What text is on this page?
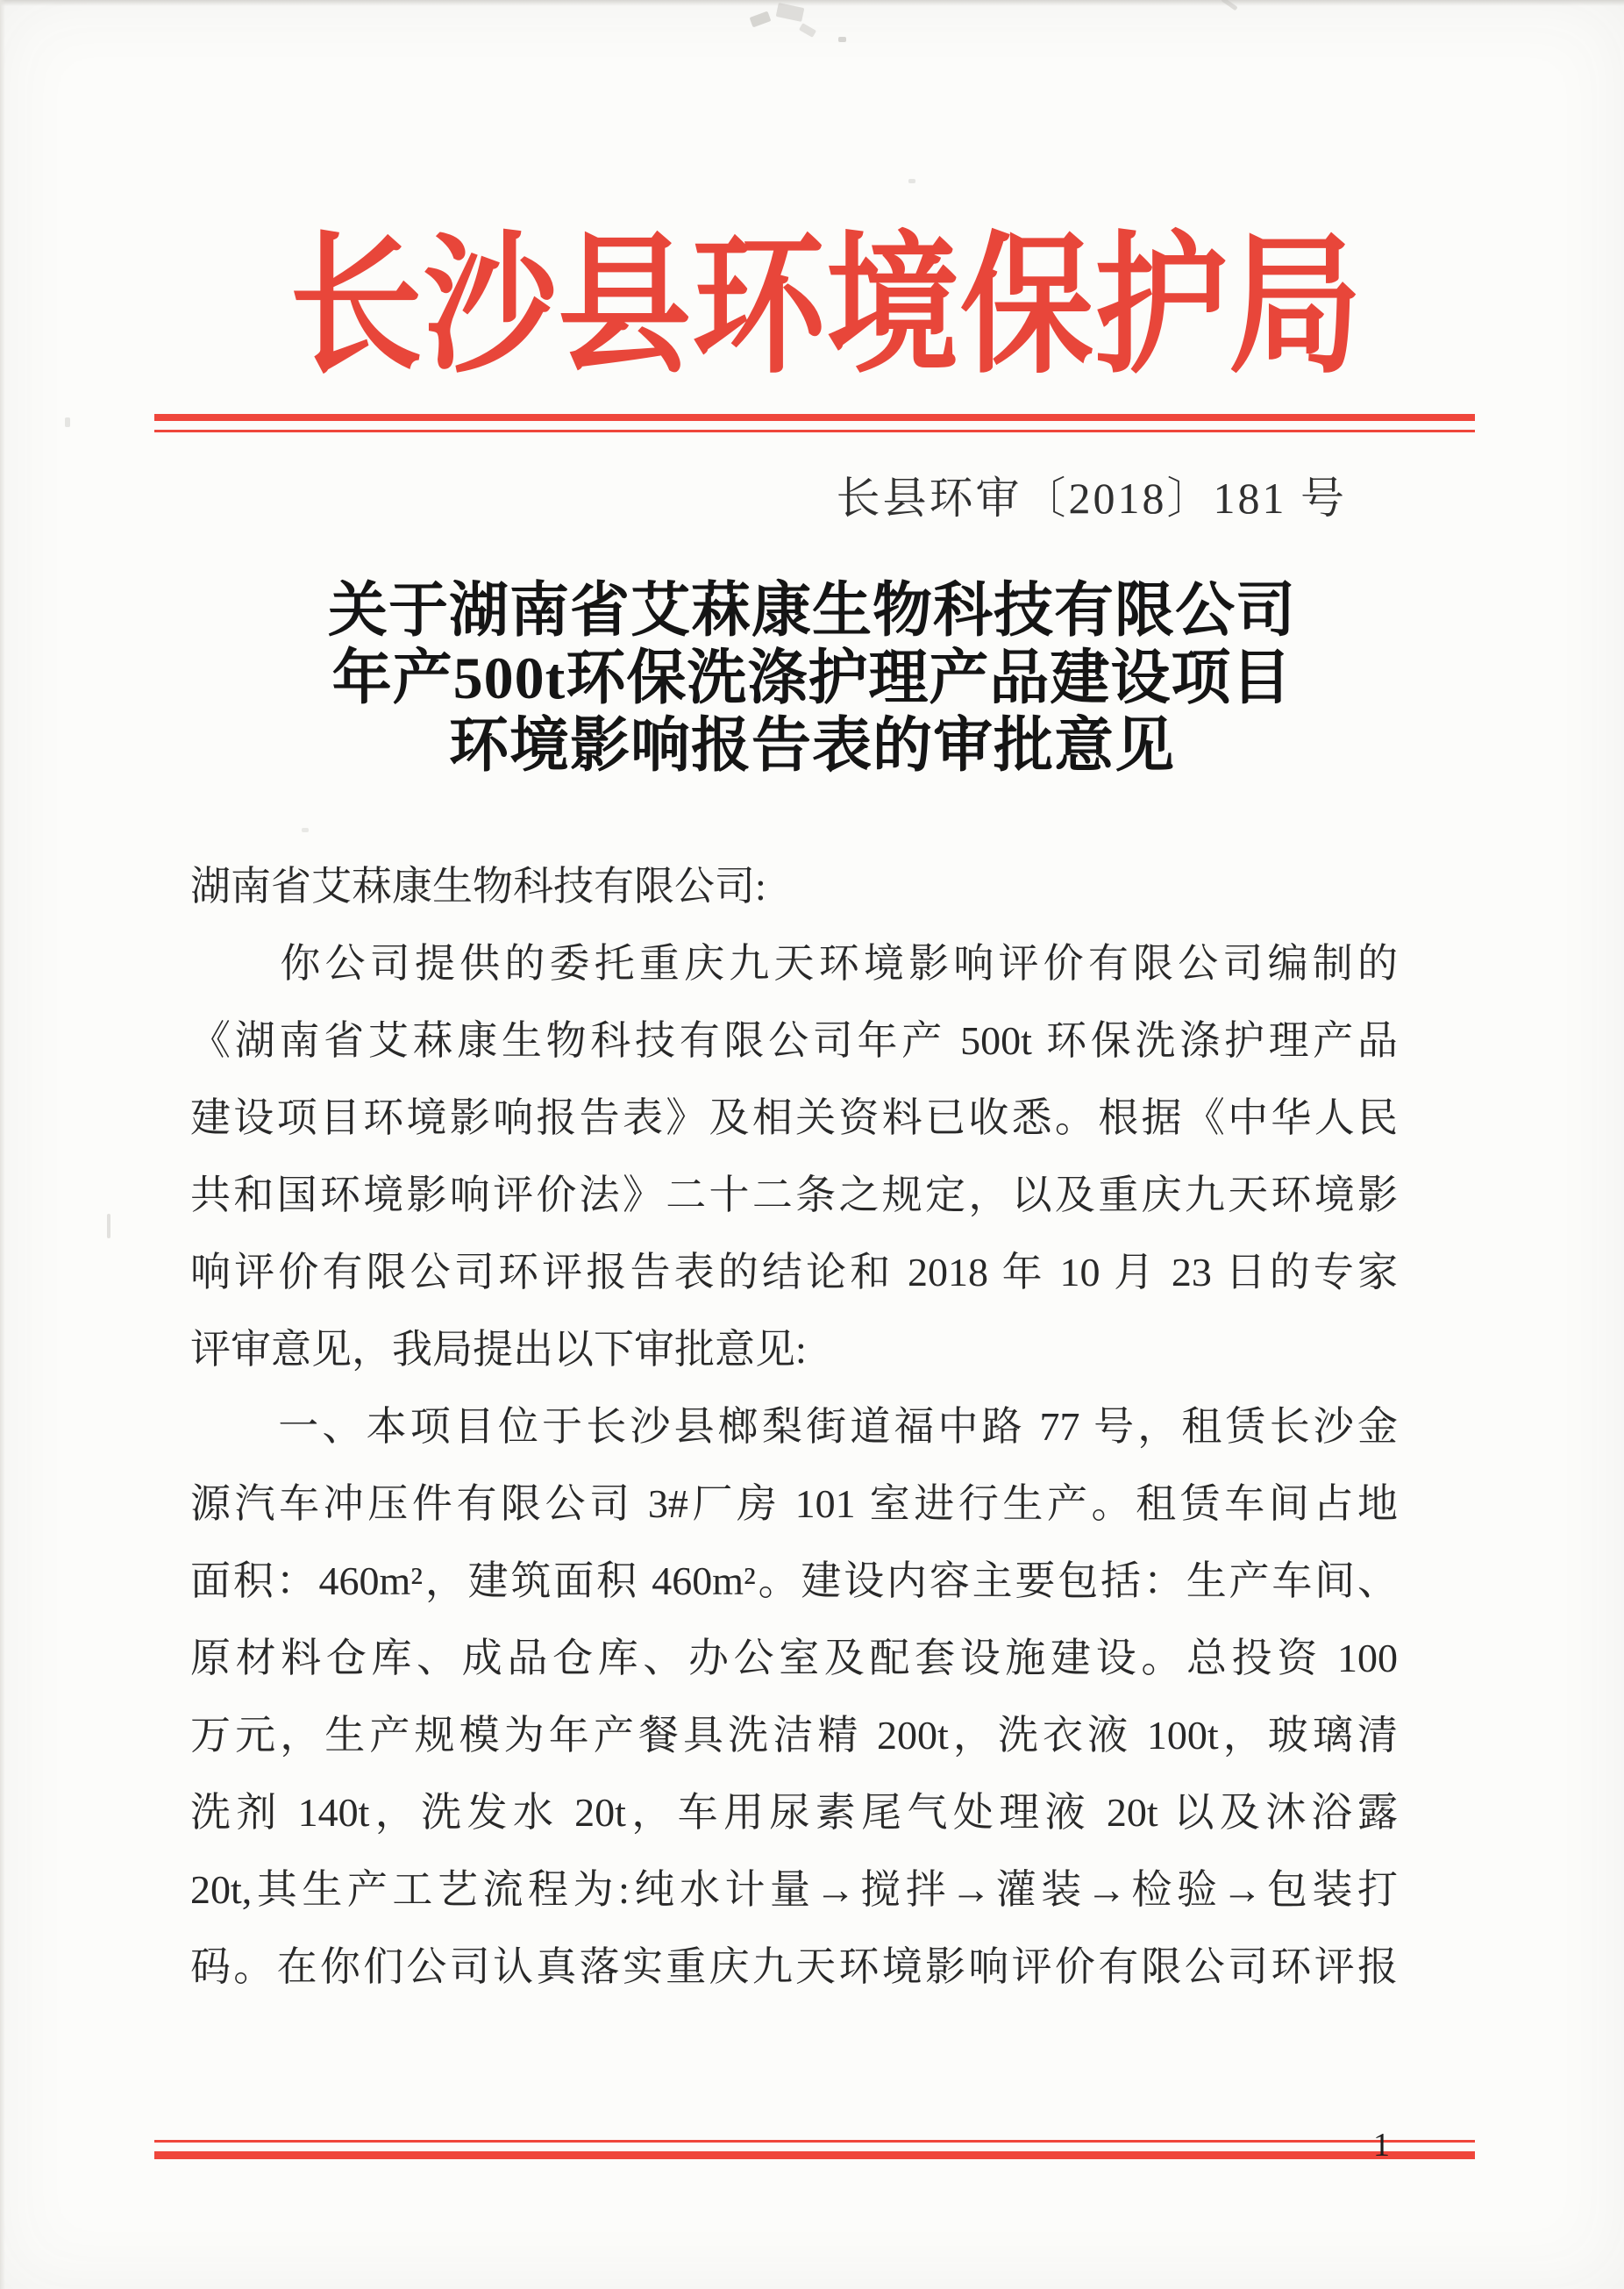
长沙县环境保护局
长县环审〔2018〕181 号
关于湖南省艾菻康生物科技有限公司
年产500t环保洗涤护理产品建设项目
环境影响报告表的审批意见
湖南省艾菻康生物科技有限公司:
　　你公司提供的委托重庆九天环境影响评价有限公司编制的
《湖南省艾菻康生物科技有限公司年产 500t 环保洗涤护理产品
建设项目环境影响报告表》及相关资料已收悉。根据《中华人民
共和国环境影响评价法》二十二条之规定，以及重庆九天环境影
响评价有限公司环评报告表的结论和 2018 年 10 月 23 日的专家
评审意见，我局提出以下审批意见:
　　一、本项目位于长沙县榔梨街道福中路 77 号，租赁长沙金
源汽车冲压件有限公司 3#厂房 101 室进行生产。租赁车间占地
面积：460m²，建筑面积 460m²。建设内容主要包括：生产车间、
原材料仓库、成品仓库、办公室及配套设施建设。总投资 100
万元，生产规模为年产餐具洗洁精 200t，洗衣液 100t，玻璃清
洗剂 140t，洗发水 20t，车用尿素尾气处理液 20t 以及沐浴露
20t,其生产工艺流程为:纯水计量→搅拌→灌装→检验→包装打
码。在你们公司认真落实重庆九天环境影响评价有限公司环评报
1
